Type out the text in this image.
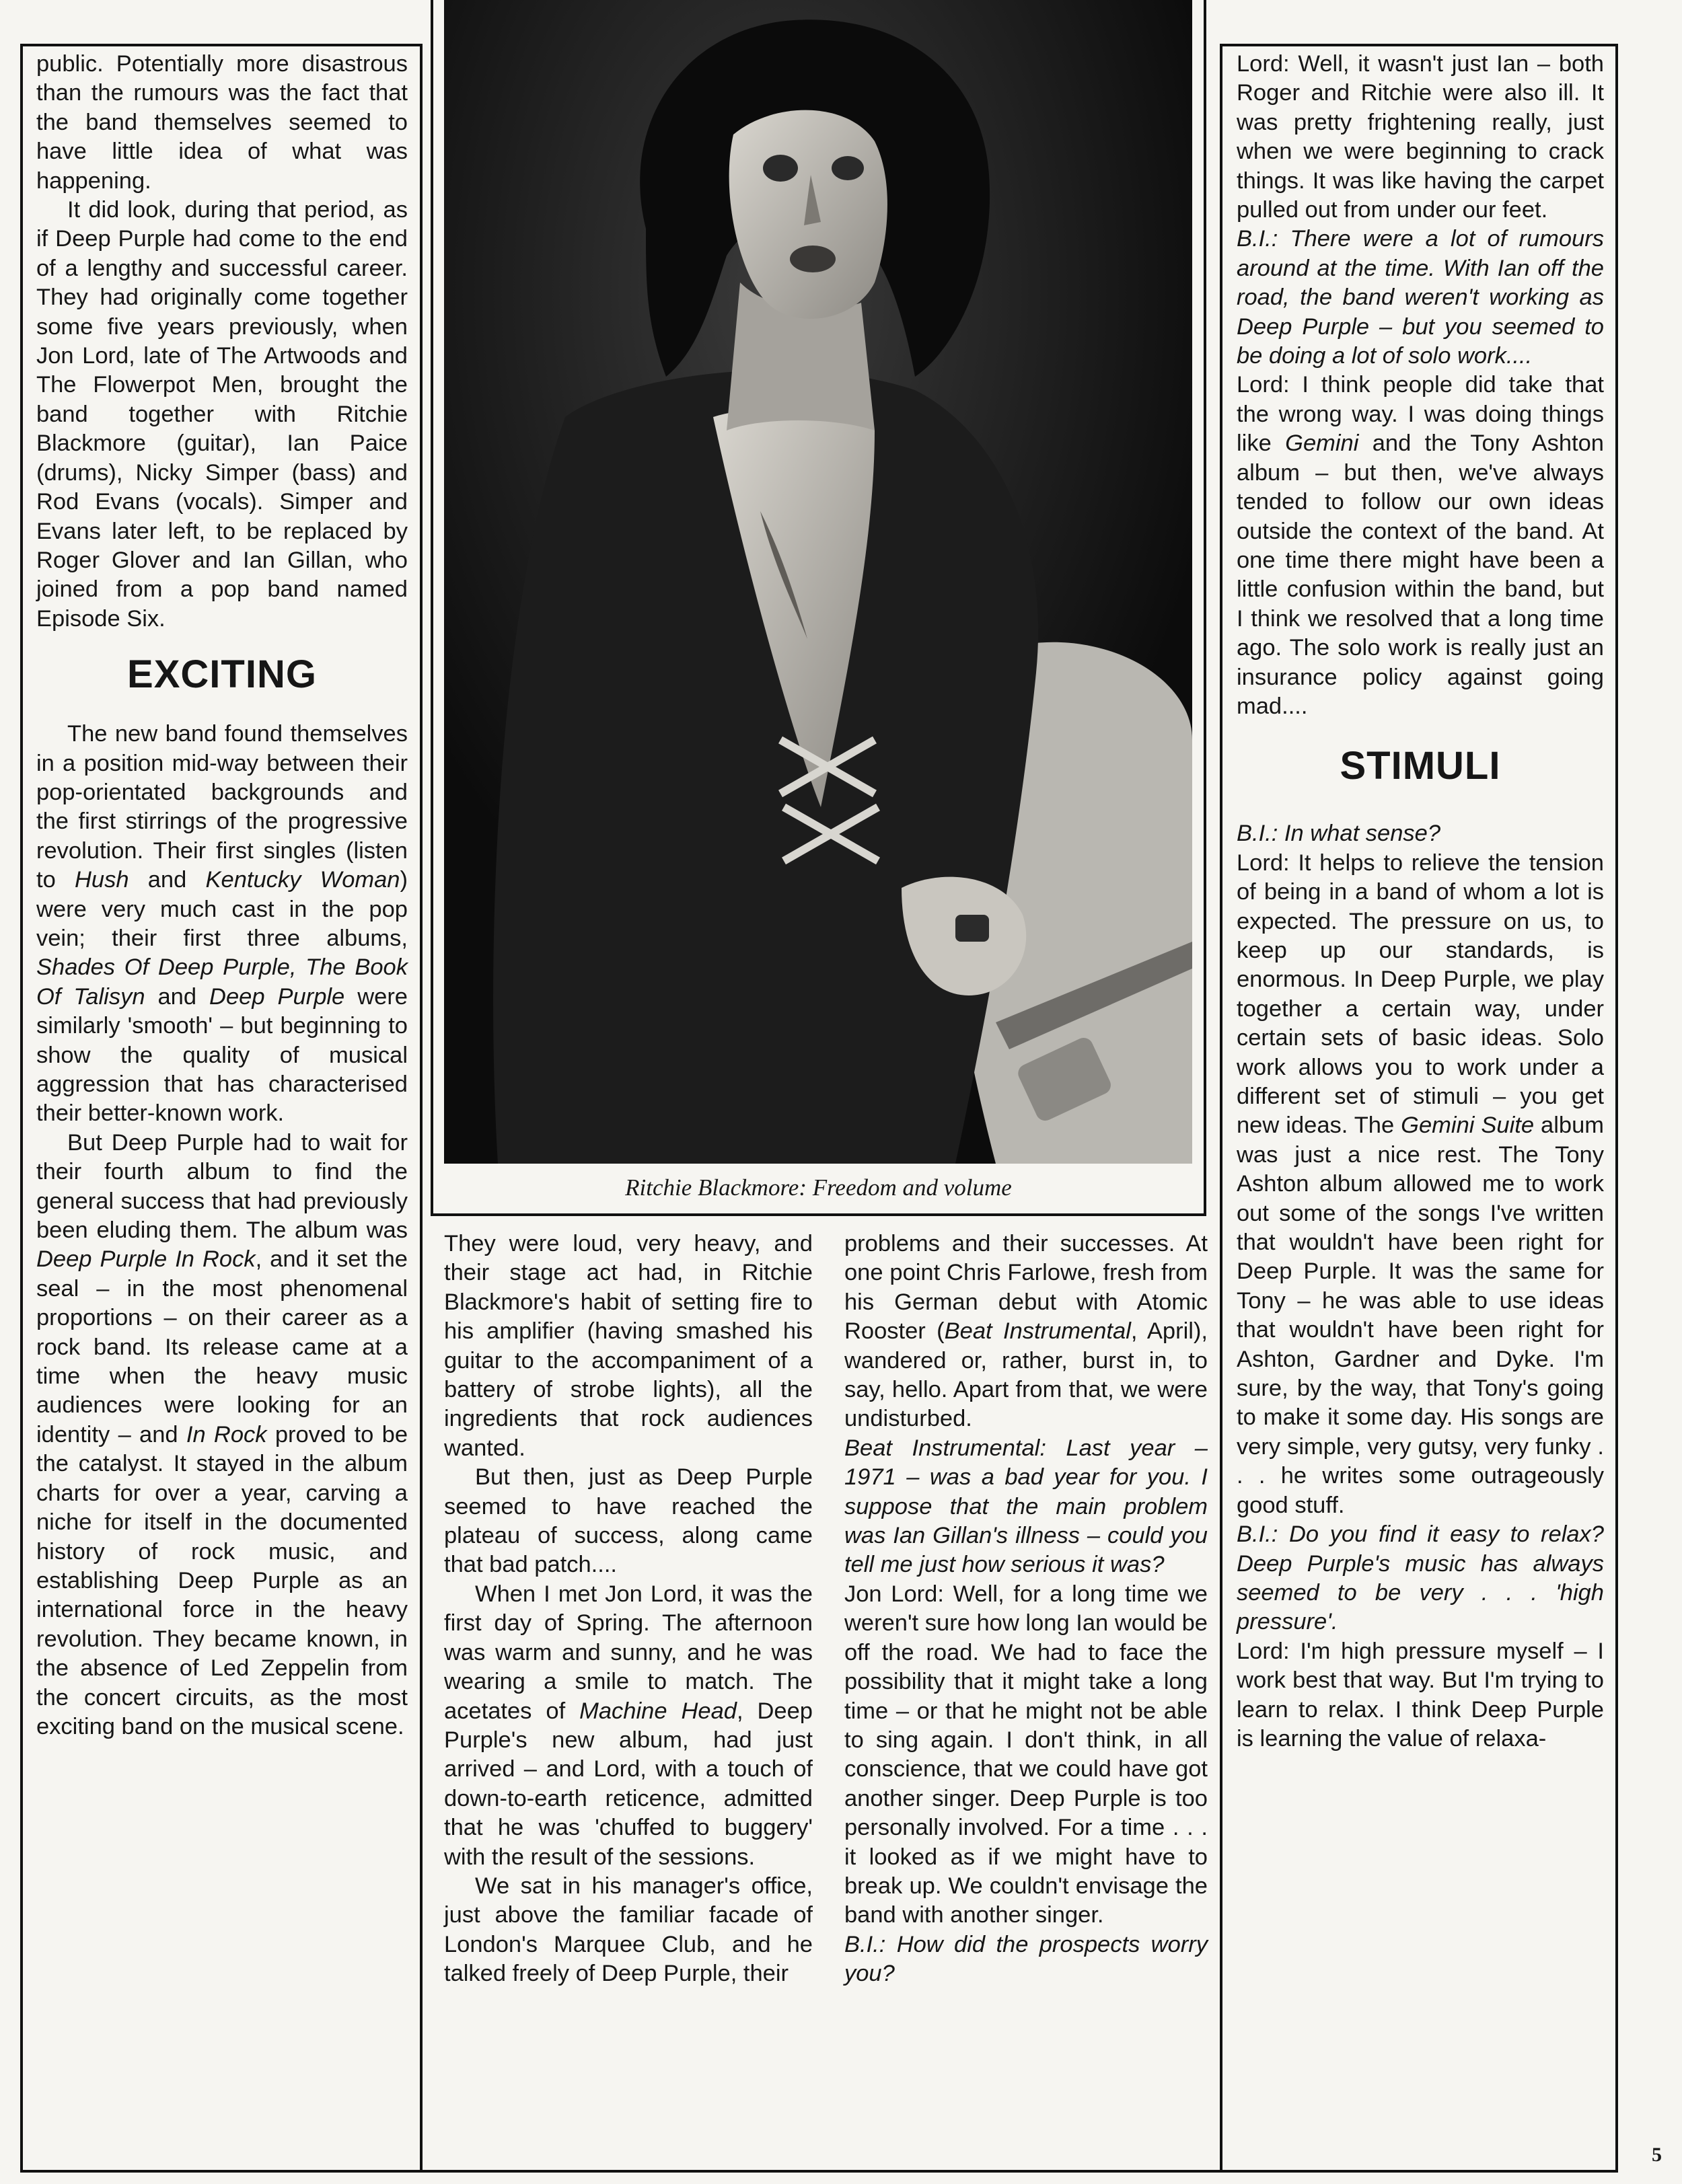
public. Potentially more disastrous than the rumours was the fact that the band themselves seemed to have little idea of what was happening.

It did look, during that period, as if Deep Purple had come to the end of a lengthy and successful career. They had originally come together some five years previously, when Jon Lord, late of The Artwoods and The Flowerpot Men, brought the band together with Ritchie Blackmore (guitar), Ian Paice (drums), Nicky Simper (bass) and Rod Evans (vocals). Simper and Evans later left, to be replaced by Roger Glover and Ian Gillan, who joined from a pop band named Episode Six.

EXCITING

The new band found themselves in a position mid-way between their pop-orientated backgrounds and the first stirrings of the progressive revolution. Their first singles (listen to Hush and Kentucky Woman) were very much cast in the pop vein; their first three albums, Shades Of Deep Purple, The Book Of Talisyn and Deep Purple were similarly 'smooth' – but beginning to show the quality of musical aggression that has characterised their better-known work.

But Deep Purple had to wait for their fourth album to find the general success that had previously been eluding them. The album was Deep Purple In Rock, and it set the seal – in the most phenomenal proportions – on their career as a rock band. Its release came at a time when the heavy music audiences were looking for an identity – and In Rock proved to be the catalyst. It stayed in the album charts for over a year, carving a niche for itself in the documented history of rock music, and establishing Deep Purple as an international force in the heavy revolution. They became known, in the absence of Led Zeppelin from the concert circuits, as the most exciting band on the musical scene.

Ritchie Blackmore: Freedom and volume

They were loud, very heavy, and their stage act had, in Ritchie Blackmore's habit of setting fire to his amplifier (having smashed his guitar to the accompaniment of a battery of strobe lights), all the ingredients that rock audiences wanted.

But then, just as Deep Purple seemed to have reached the plateau of success, along came that bad patch....

When I met Jon Lord, it was the first day of Spring. The afternoon was warm and sunny, and he was wearing a smile to match. The acetates of Machine Head, Deep Purple's new album, had just arrived – and Lord, with a touch of down-to-earth reticence, admitted that he was 'chuffed to buggery' with the result of the sessions.

We sat in his manager's office, just above the familiar facade of London's Marquee Club, and he talked freely of Deep Purple, their

problems and their successes. At one point Chris Farlowe, fresh from his German debut with Atomic Rooster (Beat Instrumental, April), wandered or, rather, burst in, to say, hello. Apart from that, we were undisturbed.

Beat Instrumental: Last year – 1971 – was a bad year for you. I suppose that the main problem was Ian Gillan's illness – could you tell me just how serious it was?

Jon Lord: Well, for a long time we weren't sure how long Ian would be off the road. We had to face the possibility that it might take a long time – or that he might not be able to sing again. I don't think, in all conscience, that we could have got another singer. Deep Purple is too personally involved. For a time . . . it looked as if we might have to break up. We couldn't envisage the band with another singer.

B.I.: How did the prospects worry you?

Lord: Well, it wasn't just Ian – both Roger and Ritchie were also ill. It was pretty frightening really, just when we were beginning to crack things. It was like having the carpet pulled out from under our feet.

B.I.: There were a lot of rumours around at the time. With Ian off the road, the band weren't working as Deep Purple – but you seemed to be doing a lot of solo work....

Lord: I think people did take that the wrong way. I was doing things like Gemini and the Tony Ashton album – but then, we've always tended to follow our own ideas outside the context of the band. At one time there might have been a little confusion within the band, but I think we resolved that a long time ago. The solo work is really just an insurance policy against going mad....

STIMULI

B.I.: In what sense?

Lord: It helps to relieve the tension of being in a band of whom a lot is expected. The pressure on us, to keep up our standards, is enormous. In Deep Purple, we play together a certain way, under certain sets of basic ideas. Solo work allows you to work under a different set of stimuli – you get new ideas. The Gemini Suite album was just a nice rest. The Tony Ashton album allowed me to work out some of the songs I've written that wouldn't have been right for Deep Purple. It was the same for Tony – he was able to use ideas that wouldn't have been right for Ashton, Gardner and Dyke. I'm sure, by the way, that Tony's going to make it some day. His songs are very simple, very gutsy, very funky . . . he writes some outrageously good stuff.

B.I.: Do you find it easy to relax? Deep Purple's music has always seemed to be very . . . 'high pressure'.

Lord: I'm high pressure myself – I work best that way. But I'm trying to learn to relax. I think Deep Purple is learning the value of relaxa-

5
